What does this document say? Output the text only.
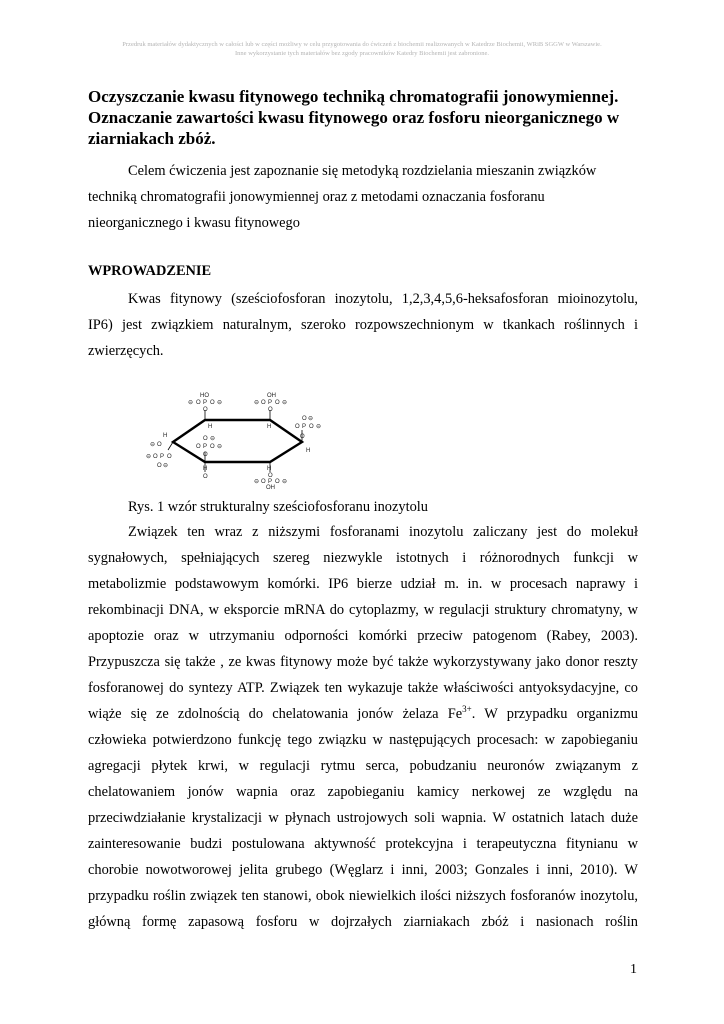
Przedruk materiałów dydaktycznych w całości lub w części możliwy w celu przygotowania do ćwiczeń z biochemii realizowanych w Katedrze Biochemii, WRiB SGGW w Warszawie.
Inne wykorzystanie tych materiałów bez zgody pracowników Katedry Biochemii jest zabronione.
Oczyszczanie kwasu fitynowego techniką chromatografii jonowymiennej.
Oznaczanie zawartości kwasu fitynowego oraz fosforu nieorganicznego w
ziarniakach zbóż.
Celem ćwiczenia jest zapoznanie się metodyką rozdzielania mieszanin związków
techniką chromatografii jonowymiennej oraz z metodami oznaczania fosforanu
nieorganicznego i kwasu fitynowego
WPROWADZENIE
Kwas fitynowy (sześciofosforan inozytolu, 1,2,3,4,5,6-heksafosforan mioinozytolu,
IP6) jest związkiem naturalnym, szeroko rozpowszechnionym w tkankach roślinnych i
zwierzęcych.
HO
⊖ O P O ⊖
O
H
OH
⊖ O P O ⊖
O
H
O ⊖
O P O ⊖
O
H
H
⊖ O
⊖ O P O
O ⊖
O ⊖
O P O ⊖
O
H
O
H
O
⊖ O P O ⊖
OH

Rys. 1 wzór strukturalny sześciofosforanu inozytolu

Związek ten wraz z niższymi fosforanami inozytolu zaliczany jest do molekuł
sygnałowych, spełniających szereg niezwykle istotnych i różnorodnych funkcji w
metabolizmie podstawowym komórki. IP6 bierze udział m. in. w procesach naprawy i
rekombinacji DNA, w eksporcie mRNA do cytoplazmy, w regulacji struktury chromatyny, w
apoptozie oraz w utrzymaniu odporności komórki przeciw patogenom (Rabey, 2003).
Przypuszcza się także , ze kwas fitynowy może być także wykorzystywany jako donor reszty
fosforanowej do syntezy ATP. Związek ten wykazuje także właściwości antyoksydacyjne, co
wiąże się ze zdolnością do chelatowania jonów żelaza $Fe^{3+}$. W przypadku organizmu
człowieka potwierdzono funkcję tego związku w następujących procesach: w zapobieganiu
agregacji płytek krwi, w regulacji rytmu serca, pobudzaniu neuronów związanym z
chelatowaniem jonów wapnia oraz zapobieganiu kamicy nerkowej ze względu na
przeciwdziałanie krystalizacji w płynach ustrojowych soli wapnia. W ostatnich latach duże
zainteresowanie budzi postulowana aktywność protekcyjna i terapeutyczna fitynianu w
chorobie nowotworowej jelita grubego (Węglarz i inni, 2003; Gonzales i inni, 2010). W
przypadku roślin związek ten stanowi, obok niewielkich ilości niższych fosforanów inozytolu,
główną formę zapasową fosforu w dojrzałych ziarniakach zbóż i nasionach roślin
1
